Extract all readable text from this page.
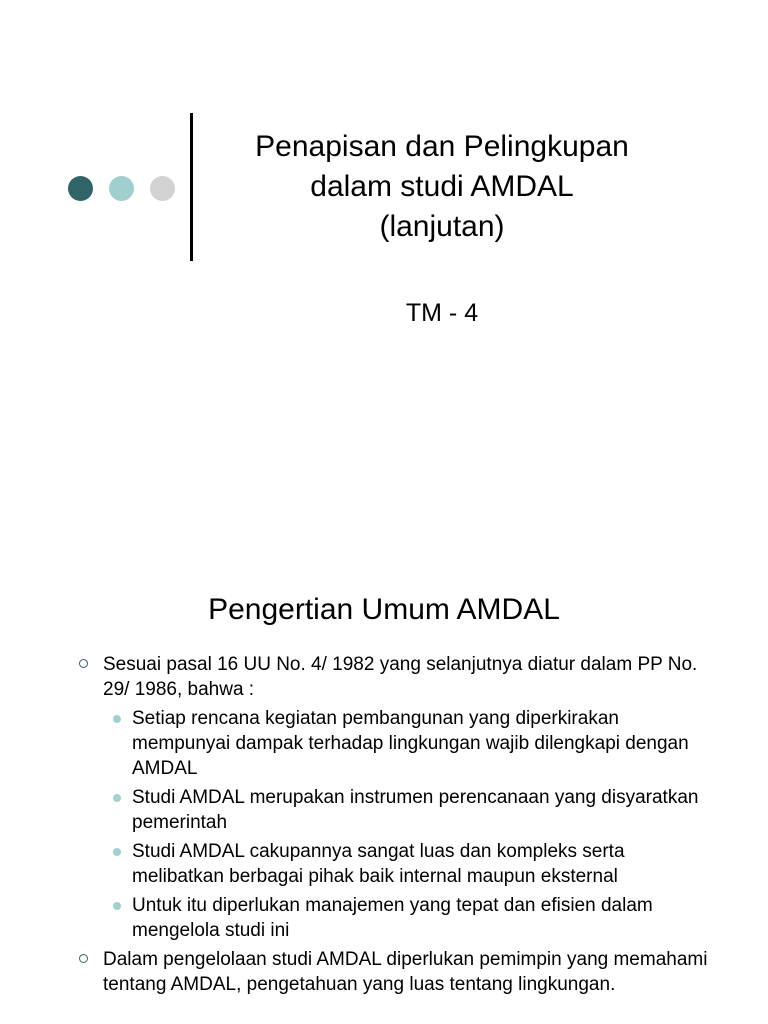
Penapisan dan Pelingkupan
dalam studi AMDAL
(lanjutan)
TM - 4
Pengertian Umum AMDAL
Sesuai pasal 16 UU No. 4/ 1982 yang selanjutnya diatur dalam PP No. 29/ 1986, bahwa :
Setiap rencana kegiatan pembangunan yang diperkirakan mempunyai dampak terhadap lingkungan wajib dilengkapi dengan AMDAL
Studi AMDAL merupakan instrumen perencanaan yang disyaratkan pemerintah
Studi AMDAL cakupannya sangat luas dan kompleks serta melibatkan berbagai pihak baik internal maupun eksternal
Untuk itu diperlukan manajemen yang tepat dan efisien dalam mengelola studi ini
Dalam pengelolaan studi AMDAL diperlukan pemimpin yang memahami tentang AMDAL, pengetahuan yang luas tentang lingkungan.
